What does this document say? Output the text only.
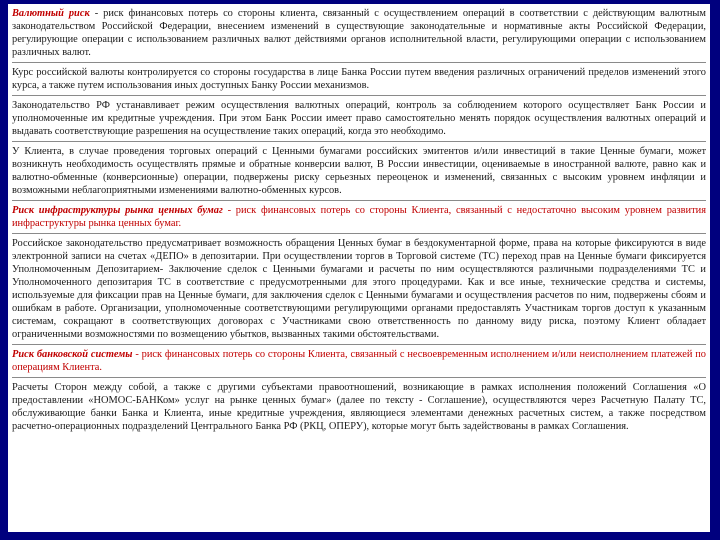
Валютный риск - риск финансовых потерь со стороны клиента, связанный с осуществлением операций в соответствии с действующим валютным законодательством Российской Федерации, внесением изменений в существующие законодательные и нормативные акты Российской Федерации, регулирующие операции с использованием различных валют действиями органов исполнительной власти, регулирующими операции с использованием различных валют.

Курс российской валюты контролируется со стороны государства в лице Банка России путем введения различных ограничений пределов изменений этого курса, а также путем использования иных доступных Банку России механизмов.

Законодательство РФ устанавливает режим осуществления валютных операций, контроль за соблюдением которого осуществляет Банк России и уполномоченные им кредитные учреждения. При этом Банк России имеет право самостоятельно менять порядок осуществления валютных операций и выдавать соответствующие разрешения на осуществление таких операций, когда это необходимо.

У Клиента, в случае проведения торговых операций с Ценными бумагами российских эмитентов и/или инвестиций в такие Ценные бумаги, может возникнуть необходимость осуществлять прямые и обратные конверсии валют, В России инвестиции, оцениваемые в иностранной валюте, равно как и валютно-обменные (конверсионные) операции, подвержены риску серьезных переоценок и изменений, связанных с высоким уровнем инфляции и возможными неблагоприятными изменениями валютно-обменных курсов.

Риск инфраструктуры рынка ценных бумаг - риск финансовых потерь со стороны Клиента, связанный с недостаточно высоким уровнем развития инфраструктуры рынка ценных бумаг.

Российское законодательство предусматривает возможность обращения Ценных бумаг в бездокументарной форме, права на которые фиксируются в виде электронной записи на счетах «ДЕПО» в депозитарии. При осуществлении торгов в Торговой системе (ТС) переход прав на Ценные бумаги фиксируется Уполномоченным Депозитарием- Заключение сделок с Ценными бумагами и расчеты по ним осуществляются различными подразделениями ТС и Уполномоченного депозитария ТС в соответствие с предусмотренными для этого процедурами. Как и все иные, технические средства и системы, используемые для фиксации прав на Ценные бумаги, для заключения сделок с Ценными бумагами и осуществления расчетов по ним, подвержены сбоям и ошибкам в работе. Организации, уполномоченные соответствующими регулирующими органами предоставлять Участникам торгов доступ к указанным системам, сокращают в соответствующих договорах с Участниками свою ответственность по данному виду риска, поэтому Клиент обладает ограниченными возможностями по возмещению убытков, вызванных такими обстоятельствами.

Риск банковской системы - риск финансовых потерь со стороны Клиента, связанный с несвоевременным исполнением и/или неисполнением платежей по операциям Клиента.

Расчеты Сторон между собой, а также с другими субъектами правоотношений, возникающие в рамках исполнения положений Соглашения «О предоставлении «НОМОС-БАНКом» услуг на рынке ценных бумаг» (далее по тексту - Соглашение), осуществляются через Расчетную Палату ТС, обслуживающие банки Банка и Клиента, иные кредитные учреждения, являющиеся элементами денежных расчетных систем, а также посредством расчетно-операционных подразделений Центрального Банка РФ (РКЦ, ОПЕРУ), которые могут быть задействованы в рамках Соглашения.
